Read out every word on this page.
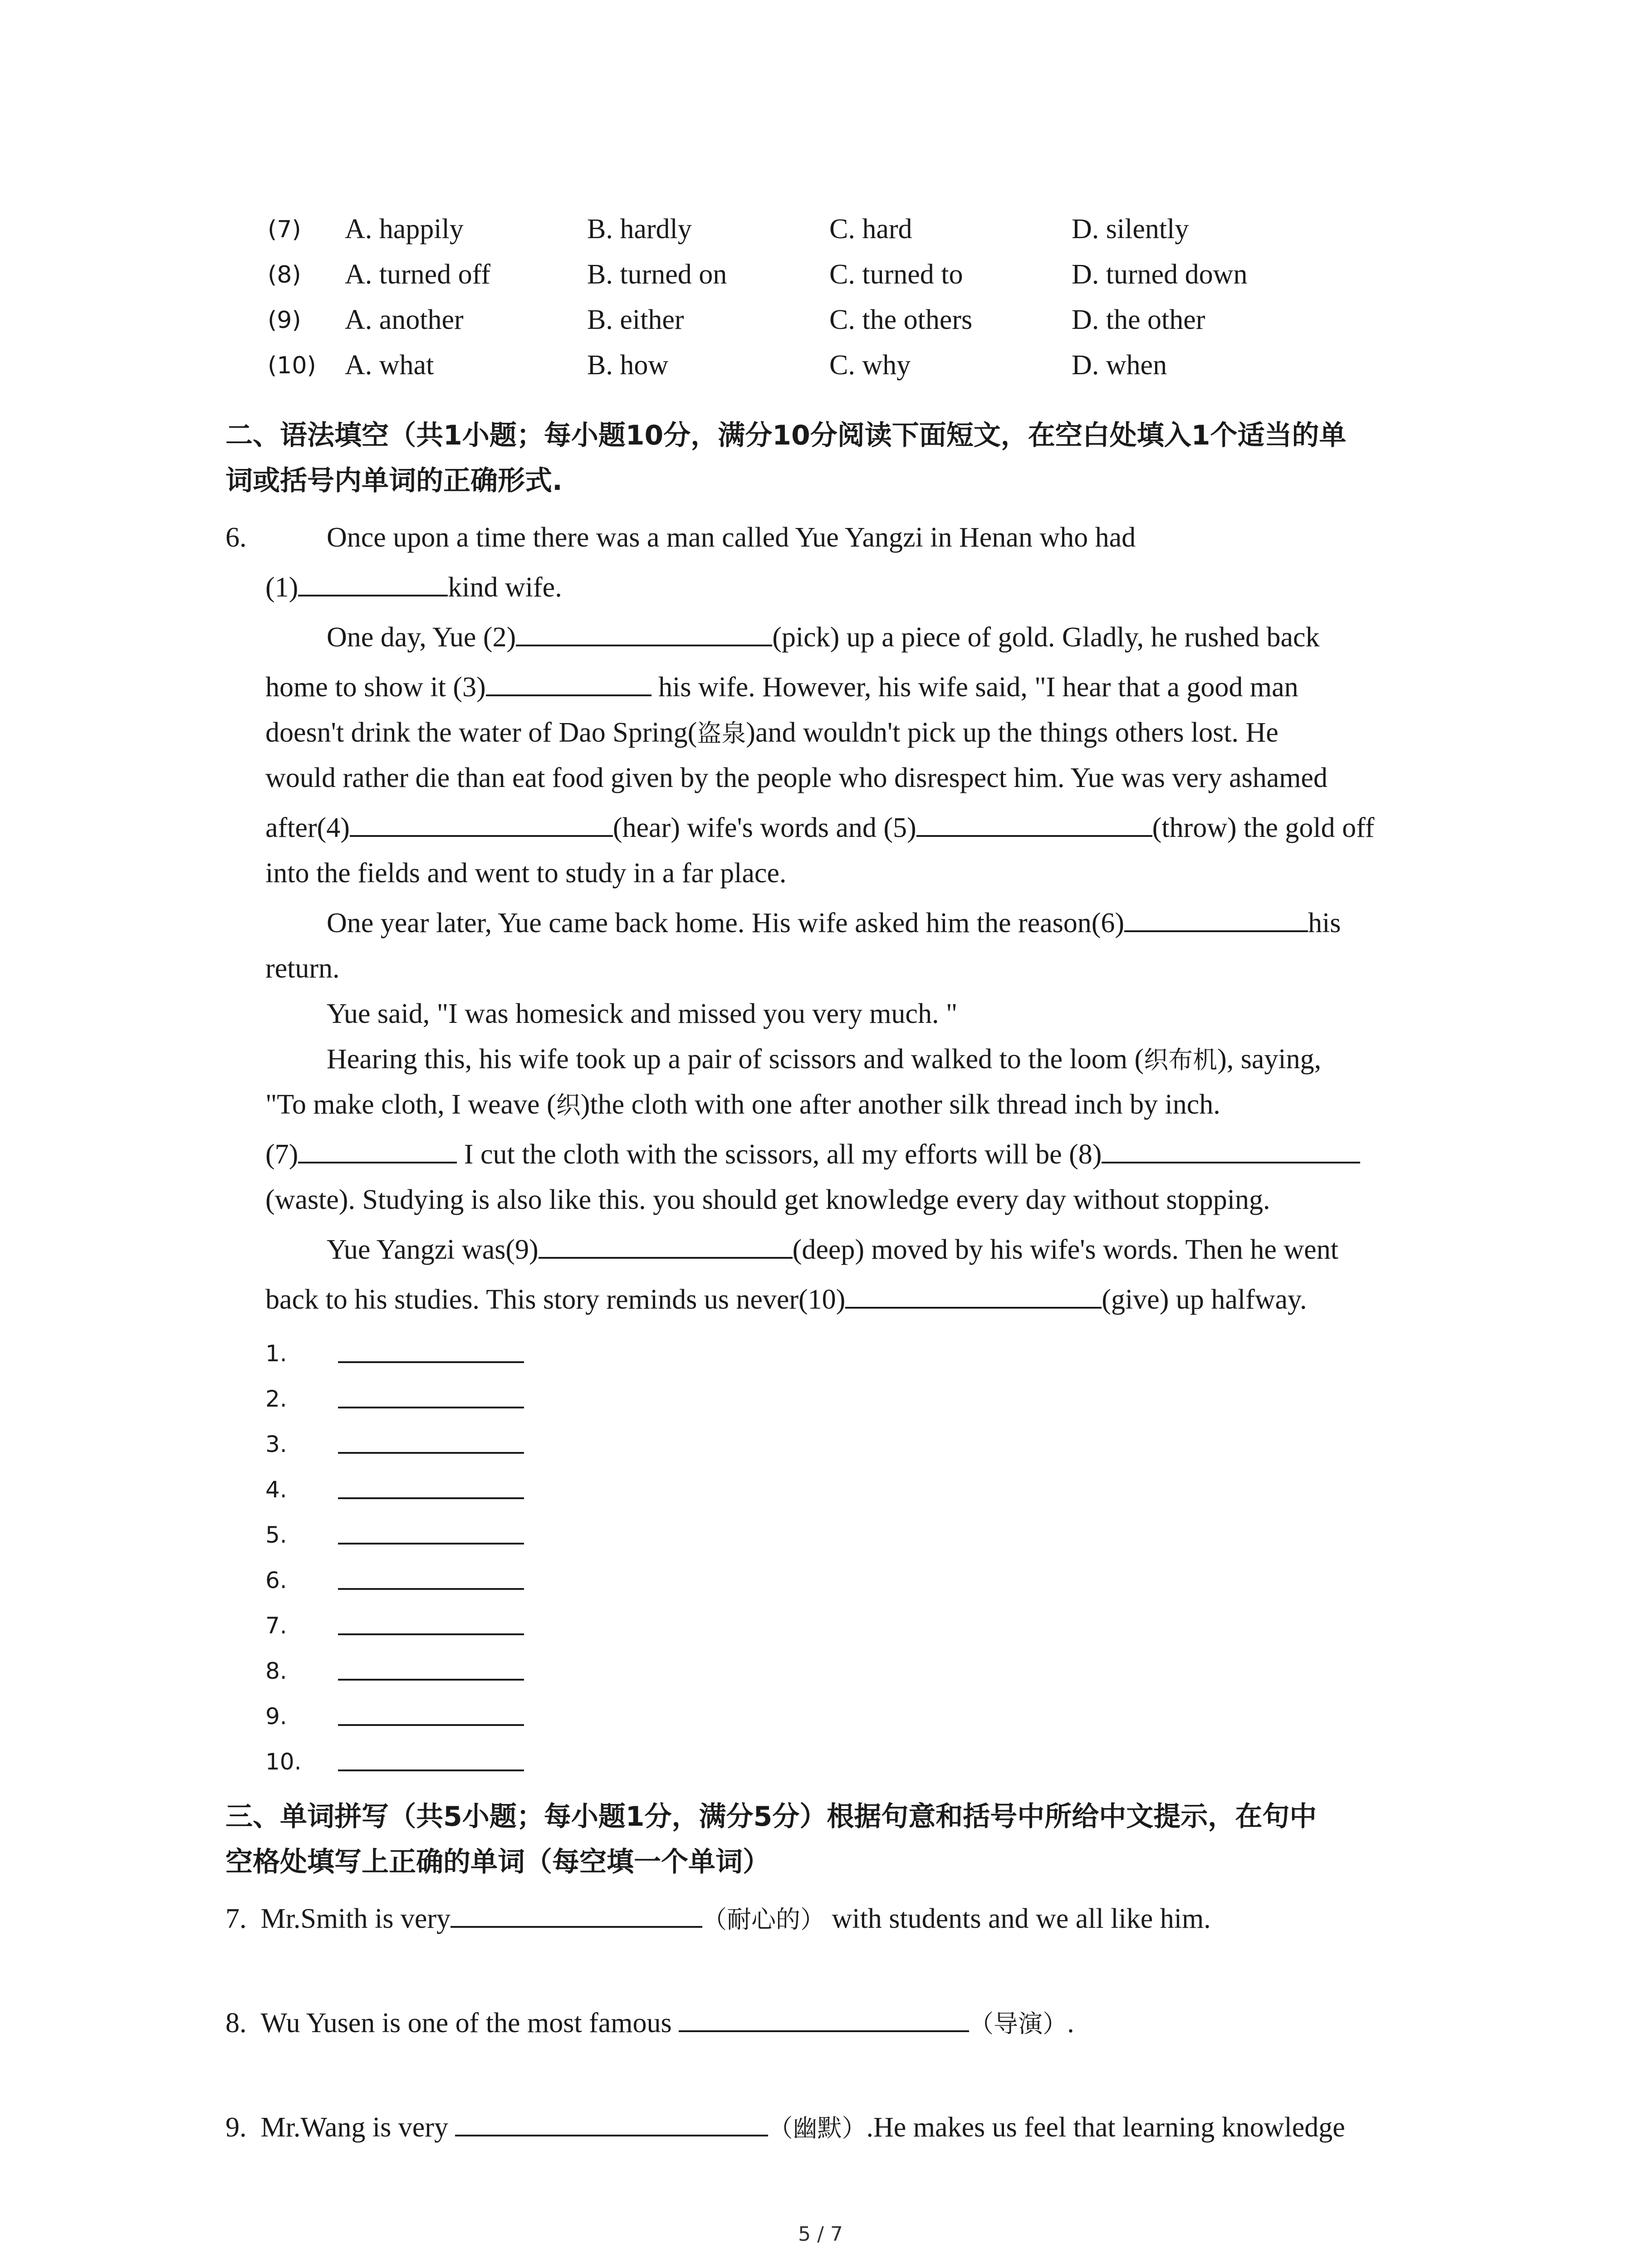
(7) A. happily	B. hardly	C. hard	D. silently
(8) A. turned off	B. turned on	C. turned to	D. turned down
(9) A. another	B. either	C. the others	D. the other
(10) A. what	B. how	C. why	D. when
二、语法填空（共1小题；每小题10分，满分10分阅读下面短文，在空白处填入1个适当的单
词或括号内单词的正确形式.
6.	Once upon a time there was a man called Yue Yangzi in Henan who had
(1)	kind wife.
One day, Yue (2)	(pick) up a piece of gold. Gladly, he rushed back
home to show it (3)	his wife. However, his wife said, "I hear that a good man
doesn't drink the water of Dao Spring(盗泉)and wouldn't pick up the things others lost. He
would rather die than eat food given by the people who disrespect him. Yue was very ashamed
after(4)	(hear) wife's words and (5)	(throw) the gold off
into the fields and went to study in a far place.
One year later, Yue came back home. His wife asked him the reason(6)	his
return.
Yue said, "I was homesick and missed you very much. "
Hearing this, his wife took up a pair of scissors and walked to the loom (织布机), saying,
"To make cloth, I weave (织)the cloth with one after another silk thread inch by inch.
(7)	I cut the cloth with the scissors, all my efforts will be (8)
(waste). Studying is also like this. you should get knowledge every day without stopping.
Yue Yangzi was(9)	(deep) moved by his wife's words. Then he went
back to his studies. This story reminds us never(10)	(give) up halfway.
1.
2.
3.
4.
5.
6.
7.
8.
9.
10.
三、单词拼写（共5小题；每小题1分，满分5分）根据句意和括号中所给中文提示，在句中
空格处填写上正确的单词（每空填一个单词）
7. Mr.Smith is very	（耐心的） with students and we all like him.
8. Wu Yusen is one of the most famous	（导演）.
9. Mr.Wang is very	（幽默）.He makes us feel that learning knowledge
5 / 7
